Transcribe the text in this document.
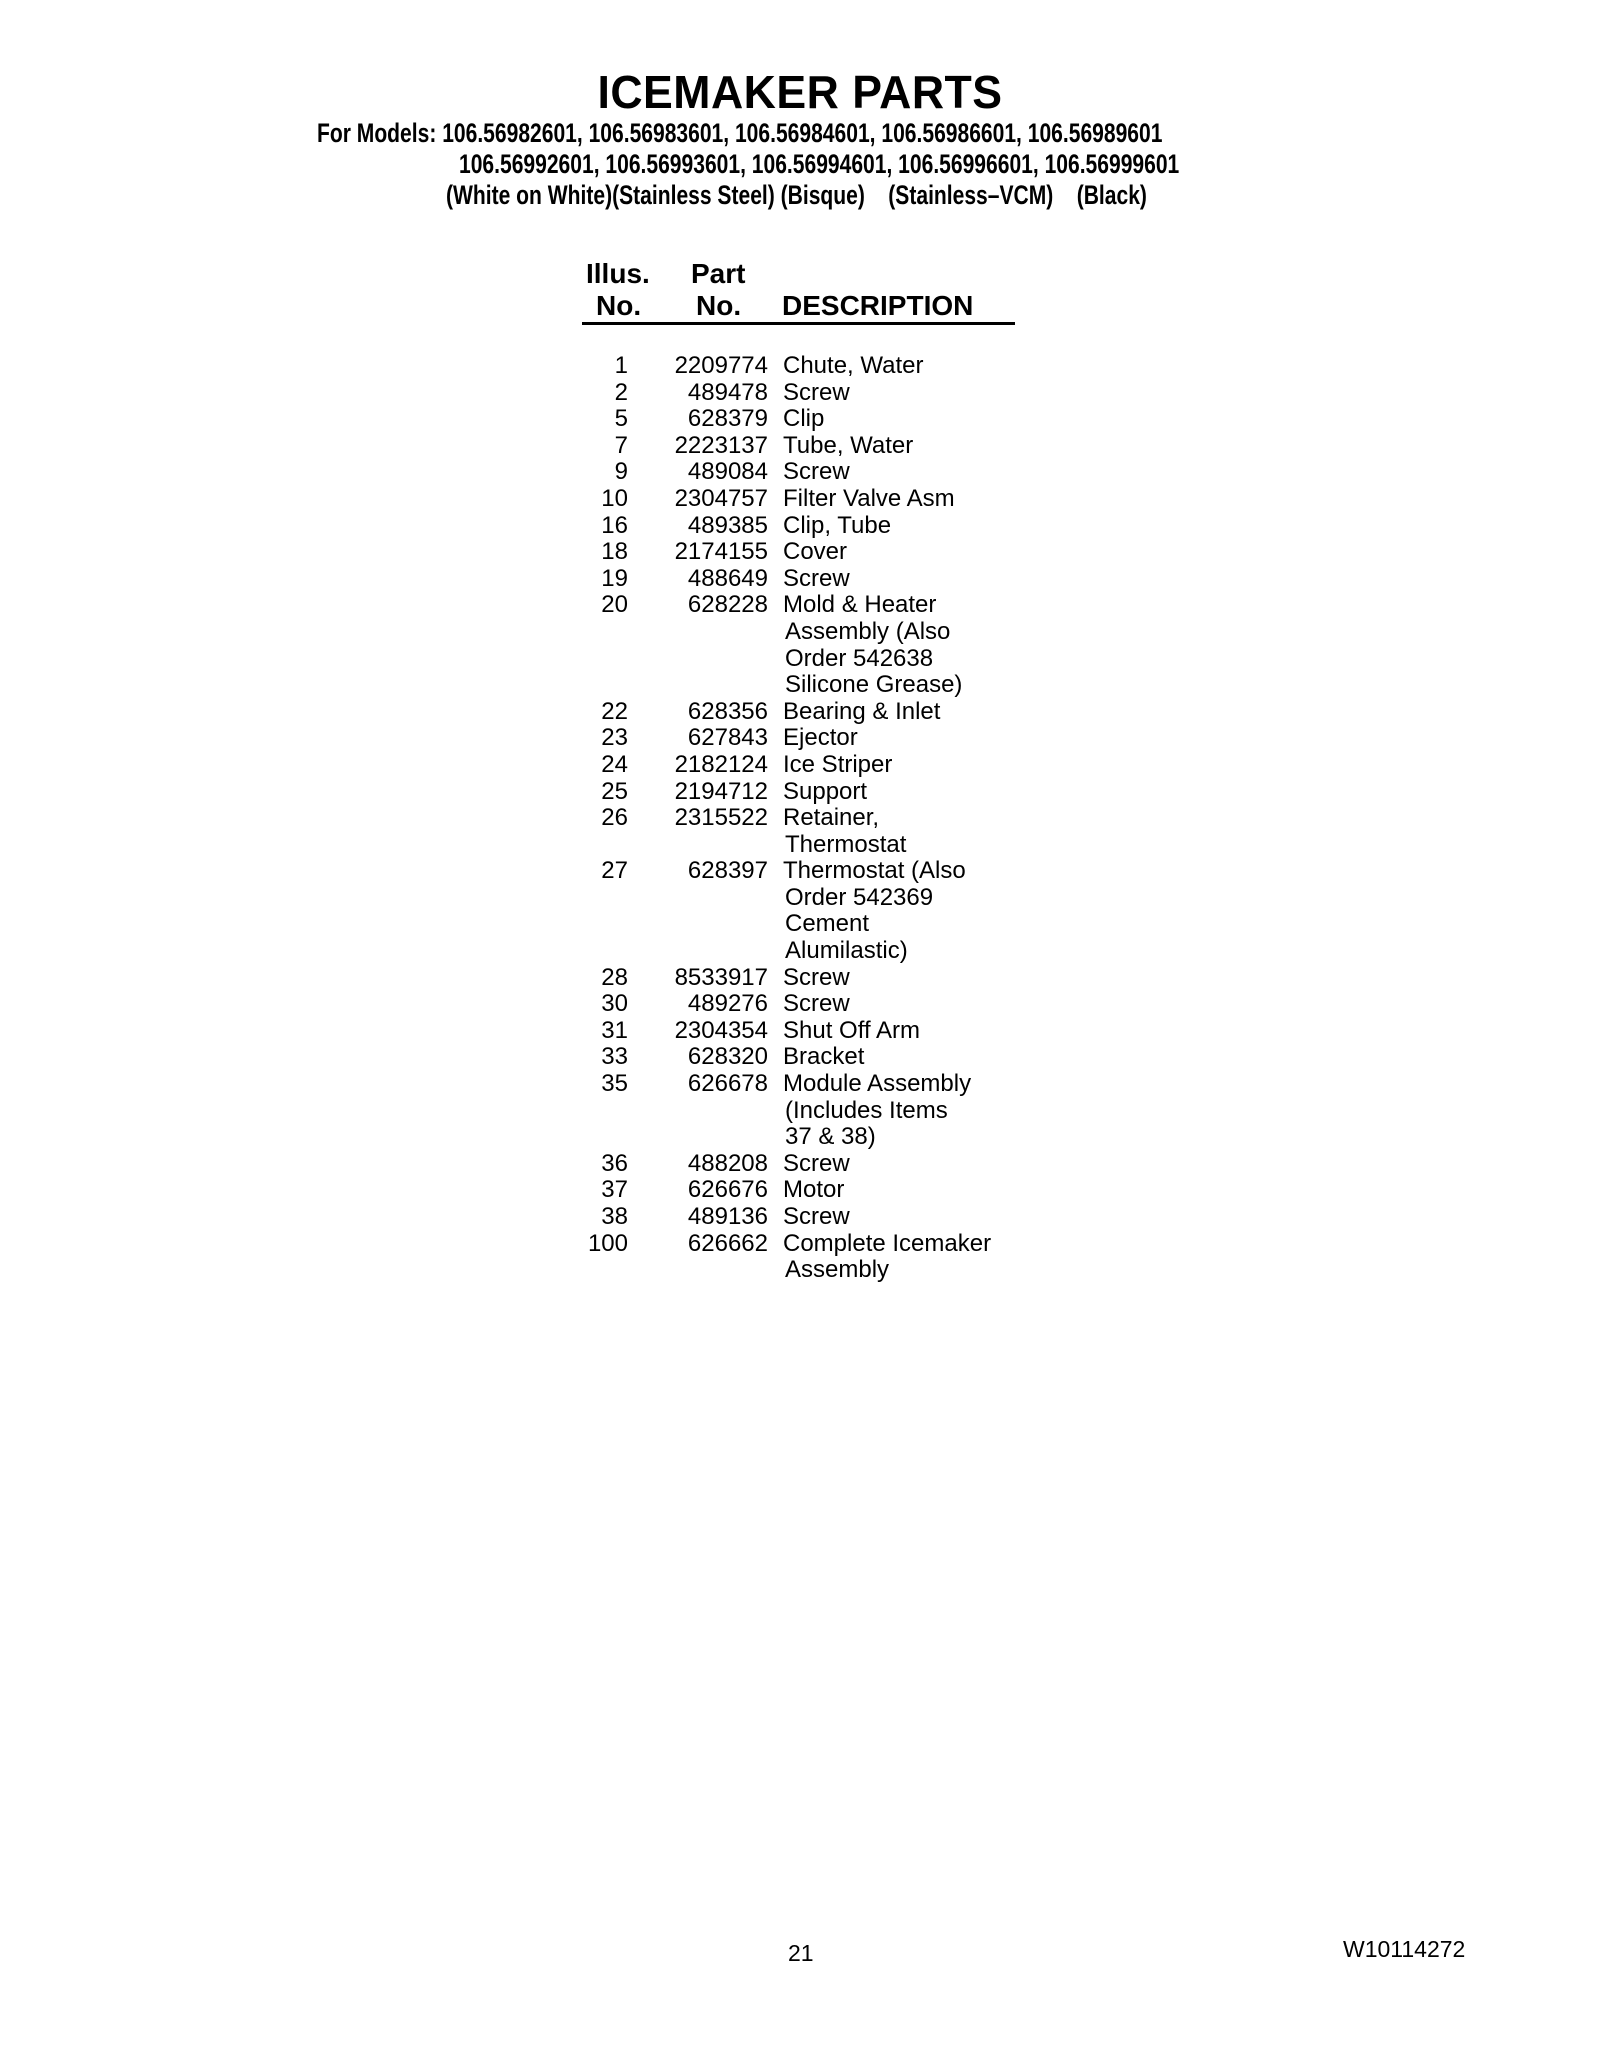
ICEMAKER PARTS
For Models: 106.56982601, 106.56983601, 106.56984601, 106.56986601, 106.56989601
106.56992601, 106.56993601, 106.56994601, 106.56996601, 106.56999601
(White on White)(Stainless Steel) (Bisque)    (Stainless–VCM)    (Black)
Illus.
No.
Part
No. DESCRIPTION
1 2209774 Chute, Water
2 489478 Screw
5 628379 Clip
7 2223137 Tube, Water
9 489084 Screw
10 2304757 Filter Valve Asm
16 489385 Clip, Tube
18 2174155 Cover
19 488649 Screw
20 628228 Mold & Heater
Assembly (Also
Order 542638
Silicone Grease)
22 628356 Bearing & Inlet
23 627843 Ejector
24 2182124 Ice Striper
25 2194712 Support
26 2315522 Retainer,
Thermostat
27 628397 Thermostat (Also
Order 542369
Cement
Alumilastic)
28 8533917 Screw
30 489276 Screw
31 2304354 Shut Off Arm
33 628320 Bracket
35 626678 Module Assembly
(Includes Items
37 & 38)
36 488208 Screw
37 626676 Motor
38 489136 Screw
100 626662 Complete Icemaker
Assembly
21	W10114272
